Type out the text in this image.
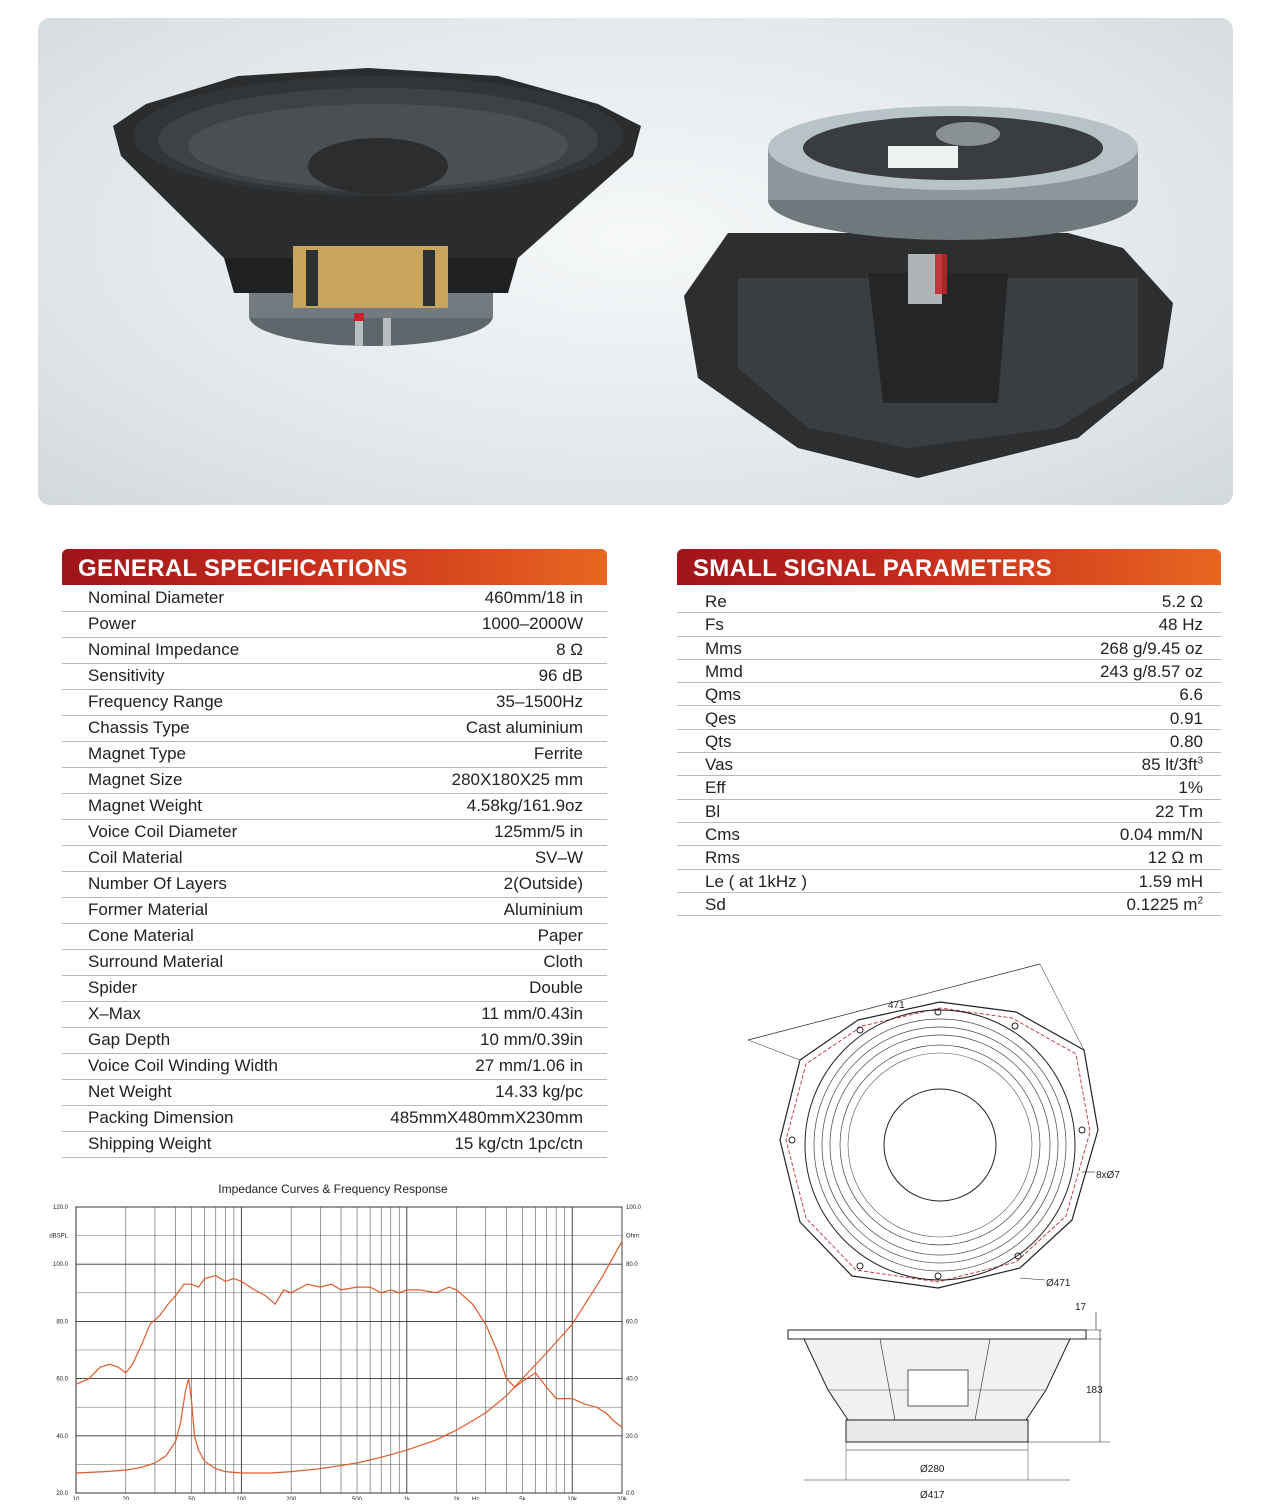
GENERAL SPECIFICATIONS
Nominal Diameter	460mm/18 in
Power	1000–2000W
Nominal Impedance	8 Ω
Sensitivity	96 dB
Frequency Range	35–1500Hz
Chassis Type	Cast aluminium
Magnet Type	Ferrite
Magnet Size	280X180X25 mm
Magnet Weight	4.58kg/161.9oz
Voice Coil Diameter	125mm/5 in
Coil Material	SV–W
Number Of Layers	2(Outside)
Former Material	Aluminium
Cone Material	Paper
Surround Material	Cloth
Spider	Double
X–Max	11 mm/0.43in
Gap Depth	10 mm/0.39in
Voice Coil Winding Width	27 mm/1.06 in
Net Weight	14.33 kg/pc
Packing Dimension	485mmX480mmX230mm
Shipping Weight	15 kg/ctn 1pc/ctn
SMALL SIGNAL PARAMETERS
Re	5.2 Ω
Fs	48 Hz
Mms	268 g/9.45 oz
Mmd	243 g/8.57 oz
Qms	6.6
Qes	0.91
Qts	0.80
Vas	85 $lt/3ft^3$
Eff	1%
Bl	22 Tm
Cms	0.04 mm/N
Rms	12 Ω m
Le ( at 1kHz )	1.59 mH
Sd	0.1225 $m^2$
Impedance Curves & Frequency Response
10	20	50	100	200	500	1k	2k	5k	10k	20k
Hz
20.0
40.0
60.0
80.0
100.0
120.0
dBSPL
0.0
20.0
40.0
60.0
80.0
100.0
Ohm
471
8xØ7
Ø471
17
183
Ø280
Ø417
